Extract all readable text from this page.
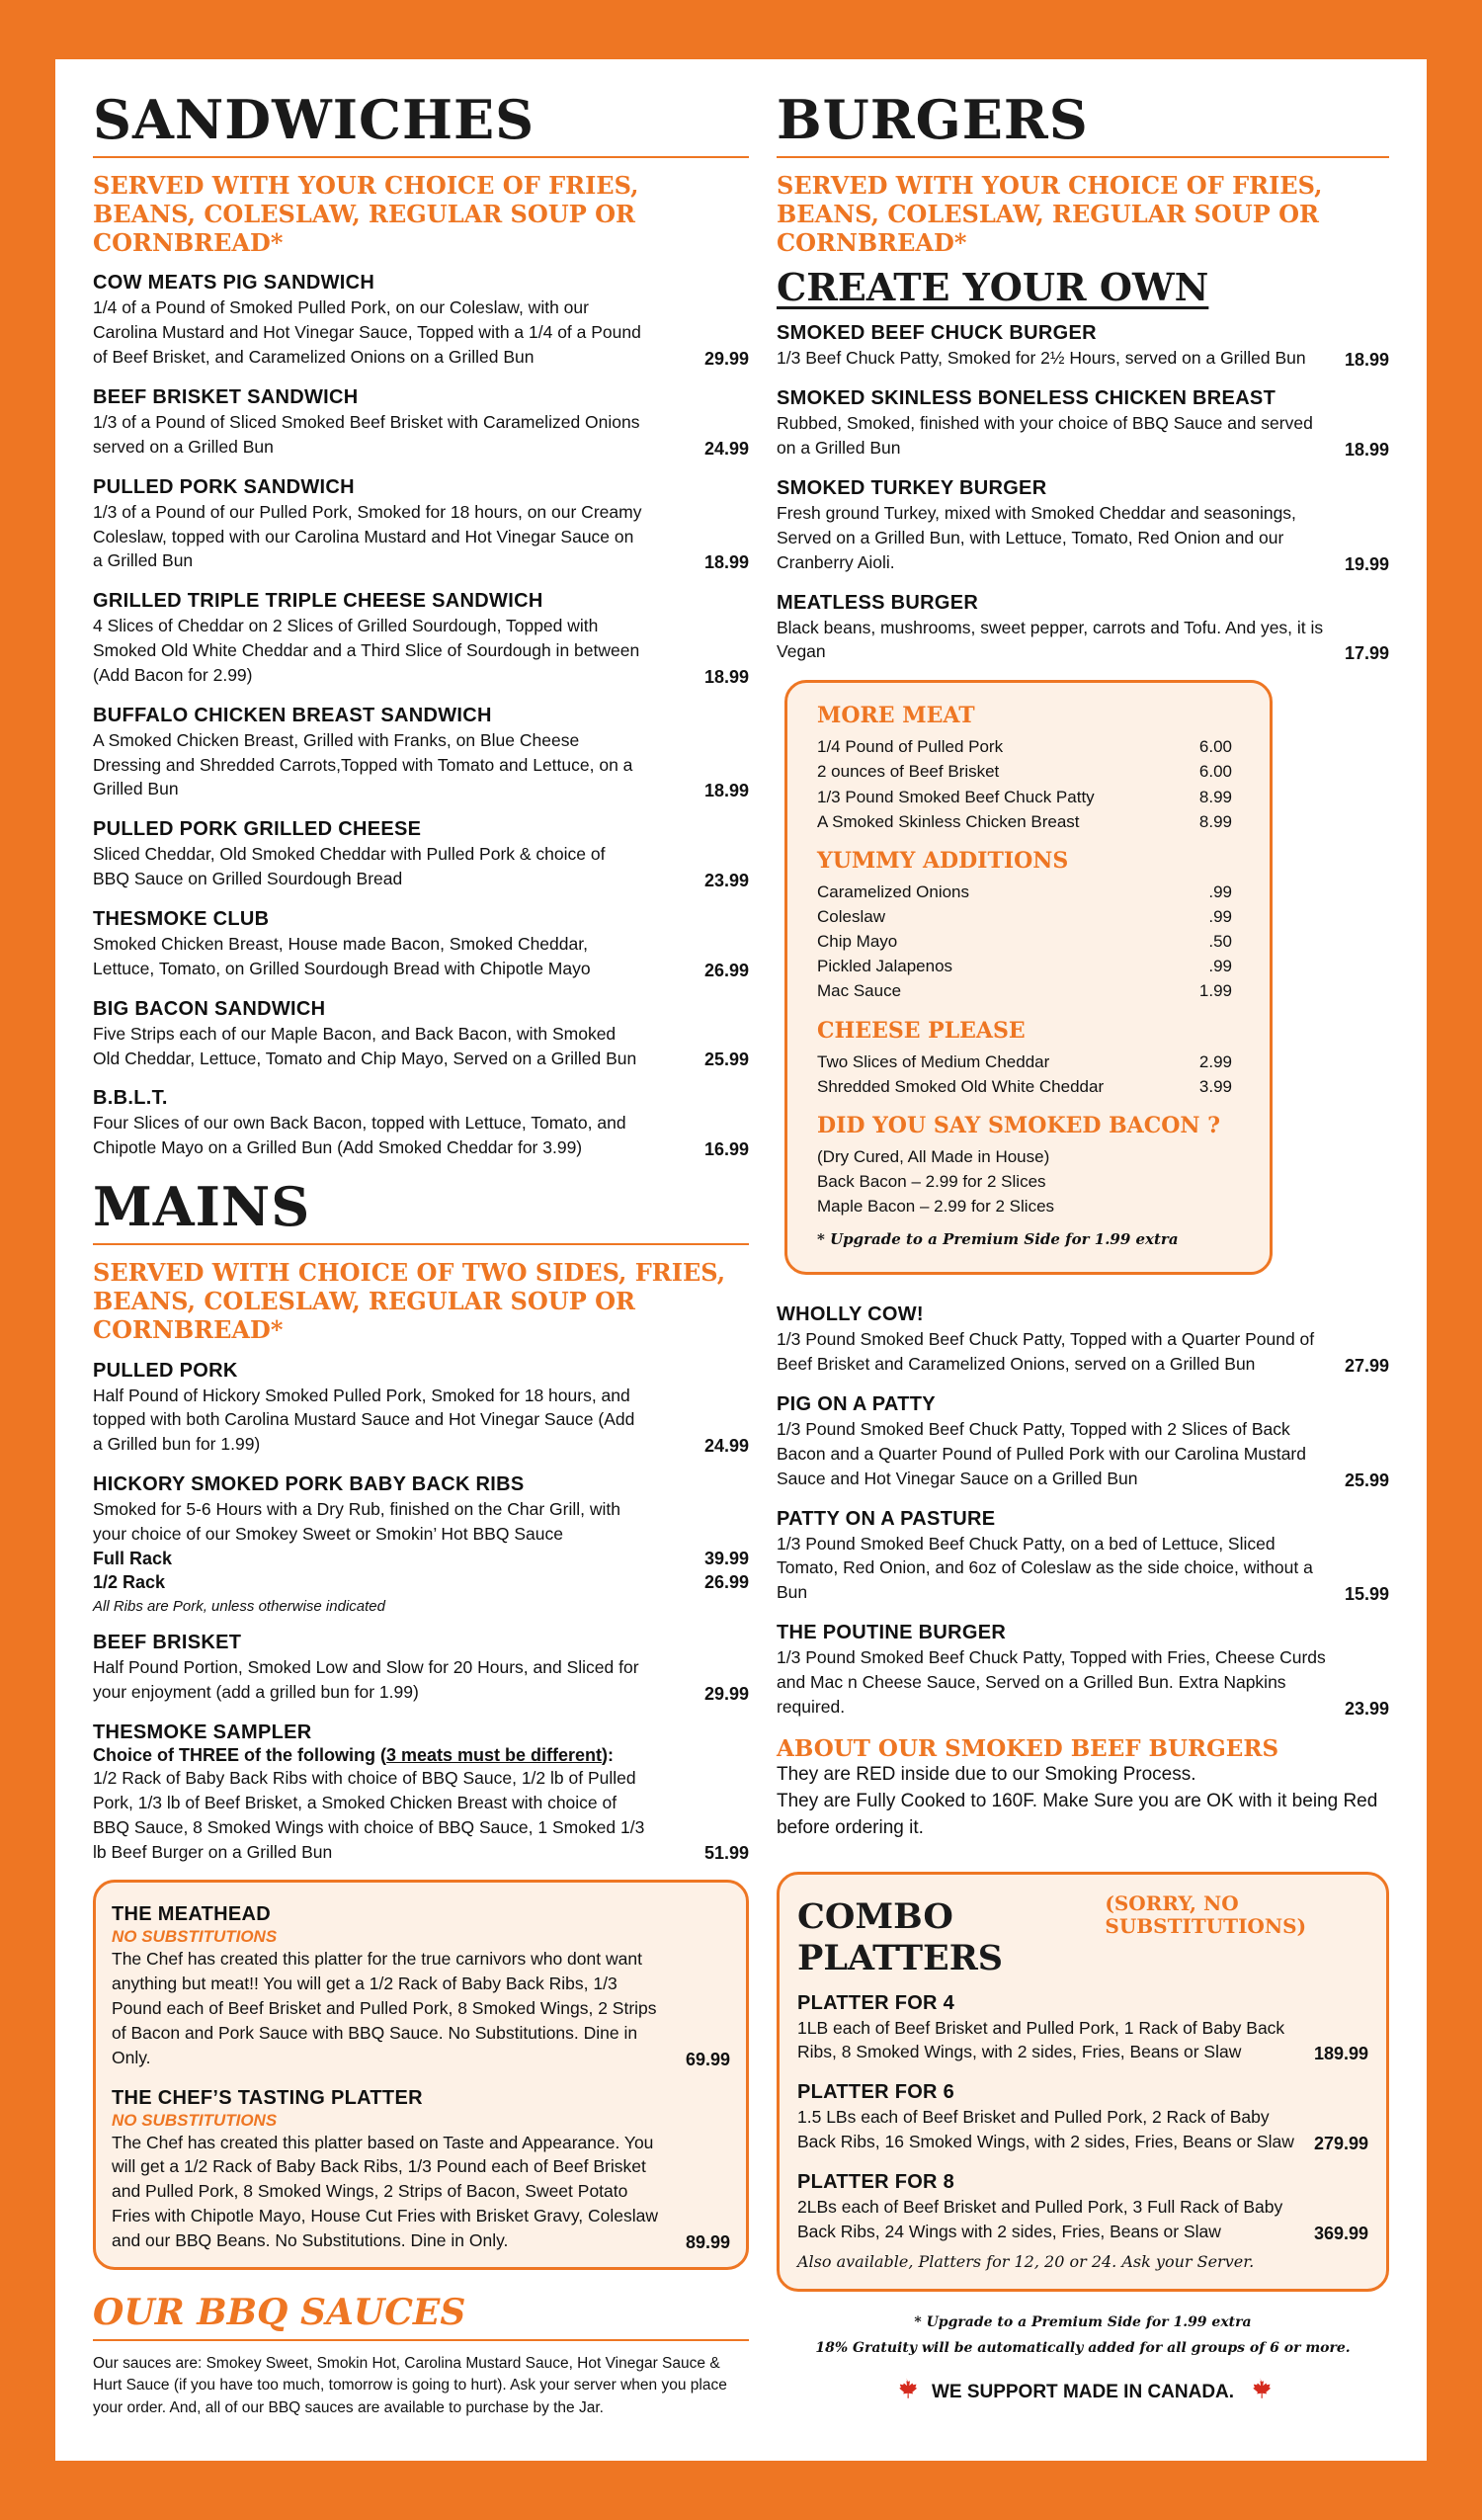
SANDWICHES
SERVED WITH YOUR CHOICE OF FRIES, BEANS, COLESLAW, REGULAR SOUP OR CORNBREAD*
COW MEATS PIG SANDWICH
1/4 of a Pound of Smoked Pulled Pork, on our Coleslaw, with our Carolina Mustard and Hot Vinegar Sauce, Topped with a 1/4 of a Pound of Beef Brisket, and Caramelized Onions on a Grilled Bun	29.99
BEEF BRISKET SANDWICH
1/3 of a Pound of Sliced Smoked Beef Brisket with Caramelized Onions served on a Grilled Bun	24.99
PULLED PORK SANDWICH
1/3 of a Pound of our Pulled Pork, Smoked for 18 hours, on our Creamy Coleslaw, topped with our Carolina Mustard and Hot Vinegar Sauce on a Grilled Bun	18.99
GRILLED TRIPLE TRIPLE CHEESE SANDWICH
4 Slices of Cheddar on 2 Slices of Grilled Sourdough, Topped with Smoked Old White Cheddar and a Third Slice of Sourdough in between (Add Bacon for 2.99)	18.99
BUFFALO CHICKEN BREAST SANDWICH
A Smoked Chicken Breast, Grilled with Franks, on Blue Cheese Dressing and Shredded Carrots,Topped with Tomato and Lettuce, on a Grilled Bun	18.99
PULLED PORK GRILLED CHEESE
Sliced Cheddar, Old Smoked Cheddar with Pulled Pork & choice of BBQ Sauce on Grilled Sourdough Bread	23.99
THESMOKE CLUB
Smoked Chicken Breast, House made Bacon, Smoked Cheddar, Lettuce, Tomato, on Grilled Sourdough Bread with Chipotle Mayo	26.99
BIG BACON SANDWICH
Five Strips each of our Maple Bacon, and Back Bacon, with Smoked Old Cheddar, Lettuce, Tomato and Chip Mayo, Served on a Grilled Bun	25.99
B.B.L.T.
Four Slices of our own Back Bacon, topped with Lettuce, Tomato, and Chipotle Mayo on a Grilled Bun (Add Smoked Cheddar for 3.99)	16.99
MAINS
SERVED WITH CHOICE OF TWO SIDES, FRIES, BEANS, COLESLAW, REGULAR SOUP OR CORNBREAD*
PULLED PORK
Half Pound of Hickory Smoked Pulled Pork, Smoked for 18 hours, and topped with both Carolina Mustard Sauce and Hot Vinegar Sauce (Add a Grilled bun for 1.99)	24.99
HICKORY SMOKED PORK BABY BACK RIBS
Smoked for 5-6 Hours with a Dry Rub, finished on the Char Grill, with your choice of our Smokey Sweet or Smokin’ Hot BBQ Sauce
Full Rack	39.99
1/2 Rack	26.99
All Ribs are Pork, unless otherwise indicated
BEEF BRISKET
Half Pound Portion, Smoked Low and Slow for 20 Hours, and Sliced for your enjoyment (add a grilled bun for 1.99)	29.99
THESMOKE SAMPLER
Choice of THREE of the following (3 meats must be different):
1/2 Rack of Baby Back Ribs with choice of BBQ Sauce, 1/2 lb of Pulled Pork, 1/3 lb of Beef Brisket, a Smoked Chicken Breast with choice of BBQ Sauce, 8 Smoked Wings with choice of BBQ Sauce, 1 Smoked 1/3 lb Beef Burger on a Grilled Bun	51.99
THE MEATHEAD
NO SUBSTITUTIONS
The Chef has created this platter for the true carnivors who dont want anything but meat!! You will get a 1/2 Rack of Baby Back Ribs, 1/3 Pound each of Beef Brisket and Pulled Pork, 8 Smoked Wings, 2 Strips of Bacon and Pork Sauce with BBQ Sauce. No Substitutions. Dine in Only.	69.99
THE CHEF’S TASTING PLATTER
NO SUBSTITUTIONS
The Chef has created this platter based on Taste and Appearance. You will get a 1/2 Rack of Baby Back Ribs, 1/3 Pound each of Beef Brisket and Pulled Pork, 8 Smoked Wings, 2 Strips of Bacon, Sweet Potato Fries with Chipotle Mayo, House Cut Fries with Brisket Gravy, Coleslaw and our BBQ Beans. No Substitutions. Dine in Only.	89.99
OUR BBQ SAUCES
Our sauces are: Smokey Sweet, Smokin Hot, Carolina Mustard Sauce, Hot Vinegar Sauce & Hurt Sauce (if you have too much, tomorrow is going to hurt). Ask your server when you place your order. And, all of our BBQ sauces are available to purchase by the Jar.
BURGERS
SERVED WITH YOUR CHOICE OF FRIES, BEANS, COLESLAW, REGULAR SOUP OR CORNBREAD*
CREATE YOUR OWN
SMOKED BEEF CHUCK BURGER
1/3 Beef Chuck Patty, Smoked for 2½ Hours, served on a Grilled Bun	18.99
SMOKED SKINLESS BONELESS CHICKEN BREAST
Rubbed, Smoked, finished with your choice of BBQ Sauce and served on a Grilled Bun	18.99
SMOKED TURKEY BURGER
Fresh ground Turkey, mixed with Smoked Cheddar and seasonings, Served on a Grilled Bun, with Lettuce, Tomato, Red Onion and our Cranberry Aioli.	19.99
MEATLESS BURGER
Black beans, mushrooms, sweet pepper, carrots and Tofu. And yes, it is Vegan	17.99
MORE MEAT
1/4 Pound of Pulled Pork	6.00
2 ounces of Beef Brisket	6.00
1/3 Pound Smoked Beef Chuck Patty	8.99
A Smoked Skinless Chicken Breast	8.99
YUMMY ADDITIONS
Caramelized Onions	.99
Coleslaw	.99
Chip Mayo	.50
Pickled Jalapenos	.99
Mac Sauce	1.99
CHEESE PLEASE
Two Slices of Medium Cheddar	2.99
Shredded Smoked Old White Cheddar	3.99
DID YOU SAY SMOKED BACON ?
(Dry Cured, All Made in House)
Back Bacon – 2.99 for 2 Slices
Maple Bacon – 2.99 for 2 Slices
* Upgrade to a Premium Side for 1.99 extra
WHOLLY COW!
1/3 Pound Smoked Beef Chuck Patty, Topped with a Quarter Pound of Beef Brisket and Caramelized Onions, served on a Grilled Bun	27.99
PIG ON A PATTY
1/3 Pound Smoked Beef Chuck Patty, Topped with 2 Slices of Back Bacon and a Quarter Pound of Pulled Pork with our Carolina Mustard Sauce and Hot Vinegar Sauce on a Grilled Bun	25.99
PATTY ON A PASTURE
1/3 Pound Smoked Beef Chuck Patty, on a bed of Lettuce, Sliced Tomato, Red Onion, and 6oz of Coleslaw as the side choice, without a Bun	15.99
THE POUTINE BURGER
1/3 Pound Smoked Beef Chuck Patty, Topped with Fries, Cheese Curds and Mac n Cheese Sauce, Served on a Grilled Bun. Extra Napkins required.	23.99
ABOUT OUR SMOKED BEEF BURGERS
They are RED inside due to our Smoking Process.
They are Fully Cooked to 160F. Make Sure you are OK with it being Red before ordering it.
COMBO PLATTERS
(SORRY, NO SUBSTITUTIONS)
PLATTER FOR 4
1LB each of Beef Brisket and Pulled Pork, 1 Rack of Baby Back Ribs, 8 Smoked Wings, with 2 sides, Fries, Beans or Slaw	189.99
PLATTER FOR 6
1.5 LBs each of Beef Brisket and Pulled Pork, 2 Rack of Baby Back Ribs, 16 Smoked Wings, with 2 sides, Fries, Beans or Slaw	279.99
PLATTER FOR 8
2LBs each of Beef Brisket and Pulled Pork, 3 Full Rack of Baby Back Ribs, 24 Wings with 2 sides, Fries, Beans or Slaw	369.99
Also available, Platters for 12, 20 or 24. Ask your Server.
* Upgrade to a Premium Side for 1.99 extra
18% Gratuity will be automatically added for all groups of 6 or more.
WE SUPPORT MADE IN CANADA.
